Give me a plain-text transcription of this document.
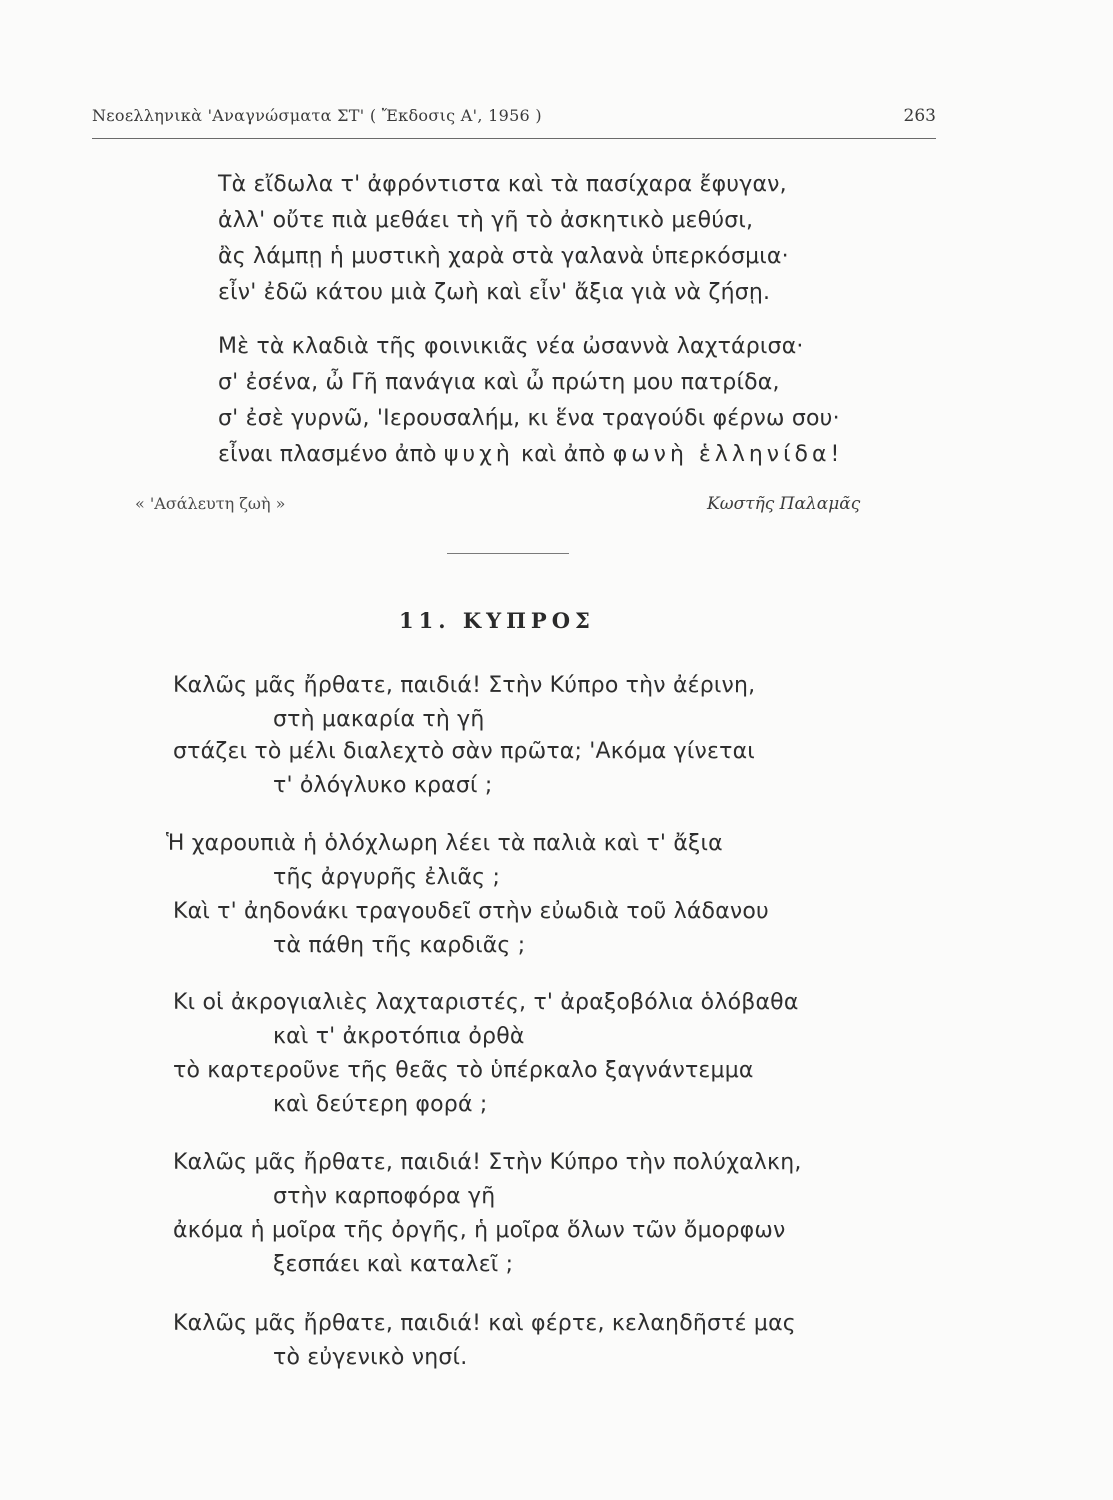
Νεοελληνικὰ 'Αναγνώσματα ΣΤ' ( Ἔκδοσις Α', 1956 )	263
Τὰ εἴδωλα τ' ἀφρόντιστα καὶ τὰ πασίχαρα ἔφυγαν,
ἀλλ' οὔτε πιὰ μεθάει τὴ γῆ τὸ ἀσκητικὸ μεθύσι,
ἂς λάμπῃ ἡ μυστικὴ χαρὰ στὰ γαλανὰ ὑπερκόσμια·
εἶν' ἐδῶ κάτου μιὰ ζωὴ καὶ εἶν' ἄξια γιὰ νὰ ζήσῃ.
Μὲ τὰ κλαδιὰ τῆς φοινικιᾶς νέα ὠσαννὰ λαχτάρισα·
σ' ἐσένα, ὦ Γῆ πανάγια καὶ ὦ πρώτη μου πατρίδα,
σ' ἐσὲ γυρνῶ, 'Ιερουσαλήμ, κι ἕνα τραγούδι φέρνω σου·
εἶναι πλασμένο ἀπὸ ψυχὴ καὶ ἀπὸ φωνὴ ἑλληνίδα!
« 'Ασάλευτη ζωὴ »	Κωστῆς Παλαμᾶς
11. ΚΥΠΡΟΣ
Καλῶς μᾶς ἤρθατε, παιδιά! Στὴν Κύπρο τὴν ἀέρινη,
στὴ μακαρία τὴ γῆ
στάζει τὸ μέλι διαλεχτὸ σὰν πρῶτα; 'Ακόμα γίνεται
τ' ὀλόγλυκο κρασί ;
Ἡ χαρουπιὰ ἡ ὁλόχλωρη λέει τὰ παλιὰ καὶ τ' ἄξια
τῆς ἀργυρῆς ἐλιᾶς ;
Καὶ τ' ἀηδονάκι τραγουδεῖ στὴν εὐωδιὰ τοῦ λάδανου
τὰ πάθη τῆς καρδιᾶς ;
Κι οἱ ἀκρογιαλιὲς λαχταριστές, τ' ἀραξοβόλια ὁλόβαθα
καὶ τ' ἀκροτόπια ὀρθὰ
τὸ καρτεροῦνε τῆς θεᾶς τὸ ὑπέρκαλο ξαγνάντεμμα
καὶ δεύτερη φορά ;
Καλῶς μᾶς ἤρθατε, παιδιά! Στὴν Κύπρο τὴν πολύχαλκη,
στὴν καρποφόρα γῆ
ἀκόμα ἡ μοῖρα τῆς ὀργῆς, ἡ μοῖρα ὅλων τῶν ὄμορφων
ξεσπάει καὶ καταλεῖ ;
Καλῶς μᾶς ἤρθατε, παιδιά! καὶ φέρτε, κελαηδῆστέ μας
τὸ εὐγενικὸ νησί.
